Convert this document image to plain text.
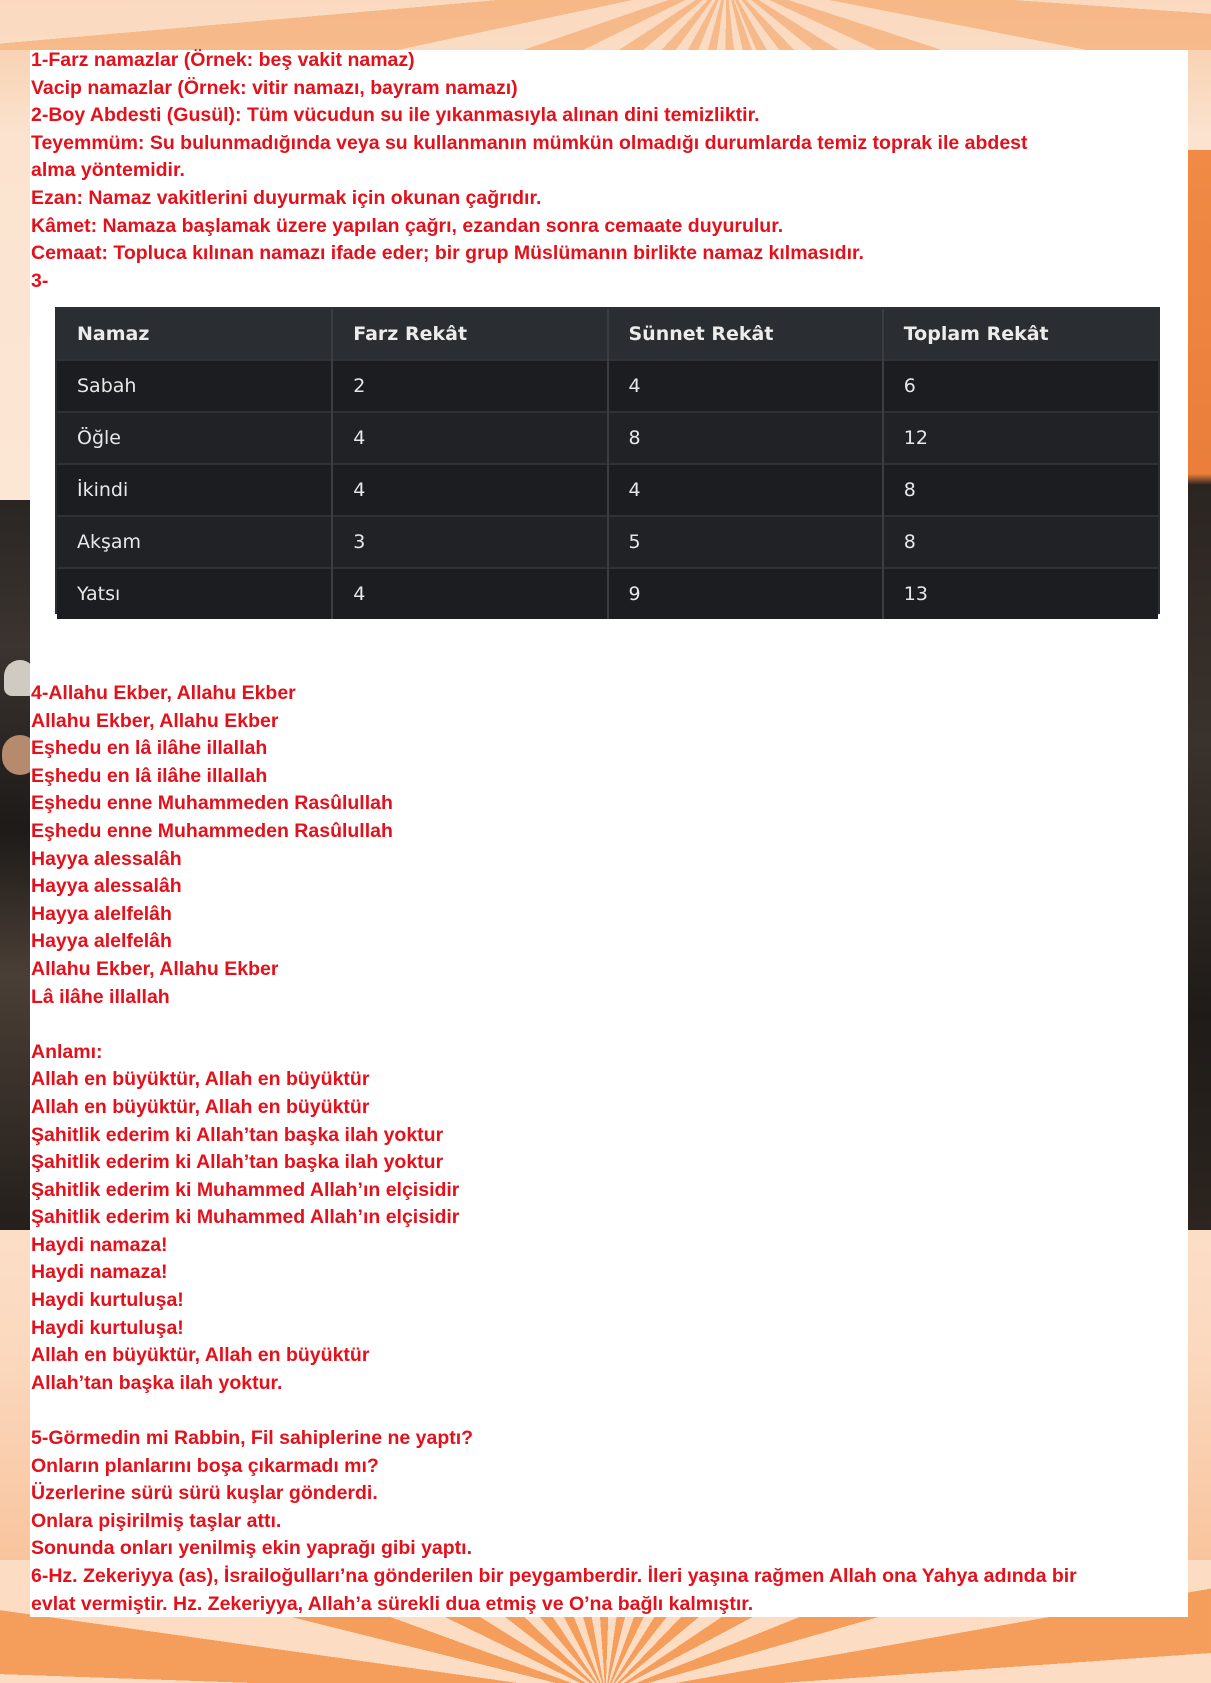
1-Farz namazlar (Örnek: beş vakit namaz)
Vacip namazlar (Örnek: vitir namazı, bayram namazı)
2-Boy Abdesti (Gusül): Tüm vücudun su ile yıkanmasıyla alınan dini temizliktir.
Teyemmüm: Su bulunmadığında veya su kullanmanın mümkün olmadığı durumlarda temiz toprak ile abdest
alma yöntemidir.
Ezan: Namaz vakitlerini duyurmak için okunan çağrıdır.
Kâmet: Namaza başlamak üzere yapılan çağrı, ezandan sonra cemaate duyurulur.
Cemaat: Topluca kılınan namazı ifade eder; bir grup Müslümanın birlikte namaz kılmasıdır.
3-
Namaz	Farz Rekât	Sünnet Rekât	Toplam Rekât
Sabah	2	4	6
Öğle	4	8	12
İkindi	4	4	8
Akşam	3	5	8
Yatsı	4	9	13
4-Allahu Ekber, Allahu Ekber
Allahu Ekber, Allahu Ekber
Eşhedu en lâ ilâhe illallah
Eşhedu en lâ ilâhe illallah
Eşhedu enne Muhammeden Rasûlullah
Eşhedu enne Muhammeden Rasûlullah
Hayya alessalâh
Hayya alessalâh
Hayya alelfelâh
Hayya alelfelâh
Allahu Ekber, Allahu Ekber
Lâ ilâhe illallah

Anlamı:
Allah en büyüktür, Allah en büyüktür
Allah en büyüktür, Allah en büyüktür
Şahitlik ederim ki Allah’tan başka ilah yoktur
Şahitlik ederim ki Allah’tan başka ilah yoktur
Şahitlik ederim ki Muhammed Allah’ın elçisidir
Şahitlik ederim ki Muhammed Allah’ın elçisidir
Haydi namaza!
Haydi namaza!
Haydi kurtuluşa!
Haydi kurtuluşa!
Allah en büyüktür, Allah en büyüktür
Allah’tan başka ilah yoktur.

5-Görmedin mi Rabbin, Fil sahiplerine ne yaptı?
Onların planlarını boşa çıkarmadı mı?
Üzerlerine sürü sürü kuşlar gönderdi.
Onlara pişirilmiş taşlar attı.
Sonunda onları yenilmiş ekin yaprağı gibi yaptı.
6-Hz. Zekeriyya (as), İsrailoğulları’na gönderilen bir peygamberdir. İleri yaşına rağmen Allah ona Yahya adında bir
evlat vermiştir. Hz. Zekeriyya, Allah’a sürekli dua etmiş ve O’na bağlı kalmıştır.
